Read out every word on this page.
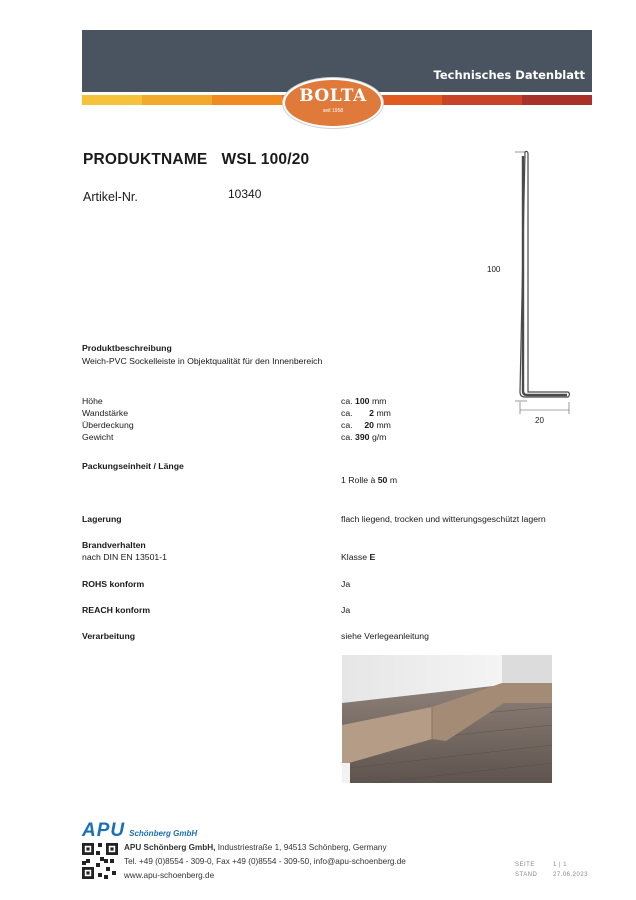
Technisches Datenblatt
BOLTA
seit 1958
PRODUKTNAME WSL 100/20
Artikel-Nr.	10340
100
20
Produktbeschreibung
Weich-PVC Sockelleiste in Objektqualität für den Innenbereich
Höhe	ca. 100 mm
Wandstärke	ca. 2 mm
Überdeckung	ca. 20 mm
Gewicht	ca. 390 g/m
Packungseinheit / Länge
1 Rolle à 50 m
Lagerung	flach liegend, trocken und witterungsgeschützt lagern
Brandverhalten
nach DIN EN 13501-1	Klasse E
ROHS konform	Ja
REACH konform	Ja
Verarbeitung	siehe Verlegeanleitung
APU Schönberg GmbH
APU Schönberg GmbH, Industriestraße 1, 94513 Schönberg, Germany
Tel. +49 (0)8554 - 309-0, Fax +49 (0)8554 - 309-50, info@apu-schoenberg.de
www.apu-schoenberg.de
SEITE	1 | 1
STAND	27.06.2023
